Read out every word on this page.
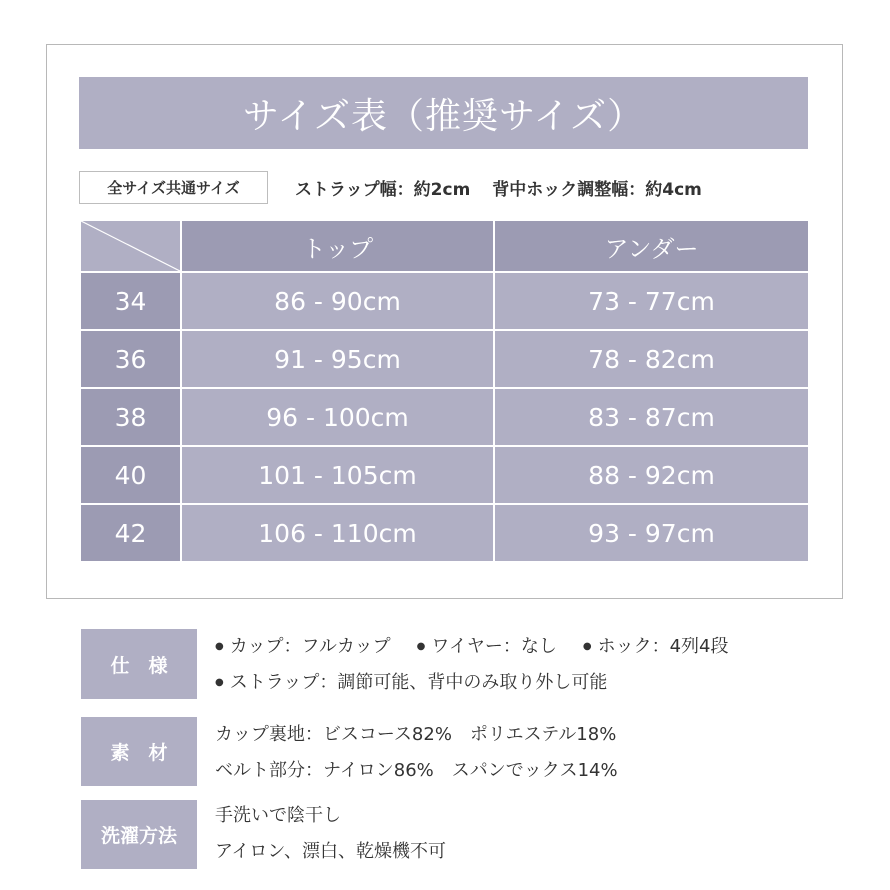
サイズ表（推奨サイズ）
全サイズ共通サイズ	ストラップ幅：約2cm 背中ホック調整幅：約4cm
	トップ	アンダー
34	86 - 90cm	73 - 77cm
36	91 - 95cm	78 - 82cm
38	96 - 100cm	83 - 87cm
40	101 - 105cm	88 - 92cm
42	106 - 110cm	93 - 97cm
仕　様
● カップ：フルカップ ● ワイヤー：なし ● ホック：4列4段
● ストラップ：調節可能、背中のみ取り外し可能
素　材
カップ裏地：ビスコース82%　ポリエステル18%
ベルト部分：ナイロン86%　スパンでックス14%
洗濯方法
手洗いで陰干し
アイロン、漂白、乾燥機不可
